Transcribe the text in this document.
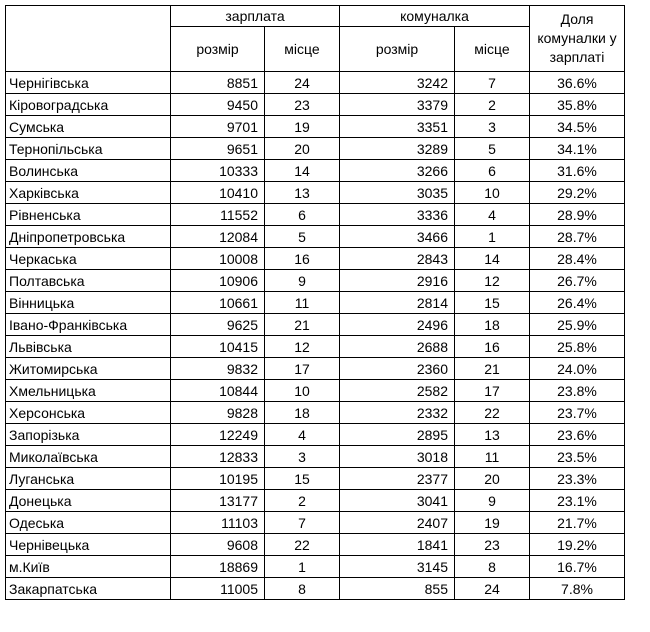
	зарплата		комуналка		Доля комуналки у зарплаті
	розмір	місце	розмір	місце	
Чернігівська	8851	24	3242	7	36.6%
Кіровоградська	9450	23	3379	2	35.8%
Сумська	9701	19	3351	3	34.5%
Тернопільська	9651	20	3289	5	34.1%
Волинська	10333	14	3266	6	31.6%
Харківська	10410	13	3035	10	29.2%
Рівненська	11552	6	3336	4	28.9%
Дніпропетровська	12084	5	3466	1	28.7%
Черкаська	10008	16	2843	14	28.4%
Полтавська	10906	9	2916	12	26.7%
Вінницька	10661	11	2814	15	26.4%
Івано-Франківська	9625	21	2496	18	25.9%
Львівська	10415	12	2688	16	25.8%
Житомирська	9832	17	2360	21	24.0%
Хмельницька	10844	10	2582	17	23.8%
Херсонська	9828	18	2332	22	23.7%
Запорізька	12249	4	2895	13	23.6%
Миколаївська	12833	3	3018	11	23.5%
Луганська	10195	15	2377	20	23.3%
Донецька	13177	2	3041	9	23.1%
Одеська	11103	7	2407	19	21.7%
Чернівецька	9608	22	1841	23	19.2%
м.Київ	18869	1	3145	8	16.7%
Закарпатська	11005	8	855	24	7.8%
